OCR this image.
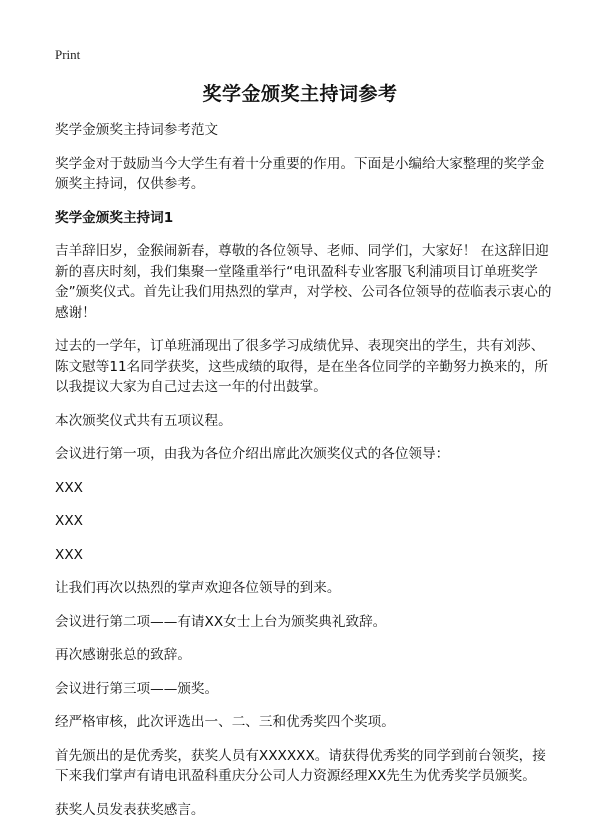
Print
奖学金颁奖主持词参考

奖学金颁奖主持词参考范文

奖学金对于鼓励当今大学生有着十分重要的作用。下面是小编给大家整理的奖学金颁奖主持词，仅供参考。

奖学金颁奖主持词1

吉羊辞旧岁，金猴闹新春，尊敬的各位领导、老师、同学们，大家好！ 在这辞旧迎新的喜庆时刻，我们集聚一堂隆重举行“电讯盈科专业客服飞利浦项目订单班奖学金”颁奖仪式。首先让我们用热烈的掌声，对学校、公司各位领导的莅临表示衷心的感谢！

过去的一学年，订单班涌现出了很多学习成绩优异、表现突出的学生，共有刘莎、陈文慰等11名同学获奖，这些成绩的取得，是在坐各位同学的辛勤努力换来的，所以我提议大家为自己过去这一年的付出鼓掌。

本次颁奖仪式共有五项议程。

会议进行第一项，由我为各位介绍出席此次颁奖仪式的各位领导：

XXX

XXX

XXX

让我们再次以热烈的掌声欢迎各位领导的到来。

会议进行第二项——有请XX女士上台为颁奖典礼致辞。

再次感谢张总的致辞。

会议进行第三项——颁奖。

经严格审核，此次评选出一、二、三和优秀奖四个奖项。

首先颁出的是优秀奖，获奖人员有XXXXXX。请获得优秀奖的同学到前台领奖，接下来我们掌声有请电讯盈科重庆分公司人力资源经理XX先生为优秀奖学员颁奖。

获奖人员发表获奖感言。
